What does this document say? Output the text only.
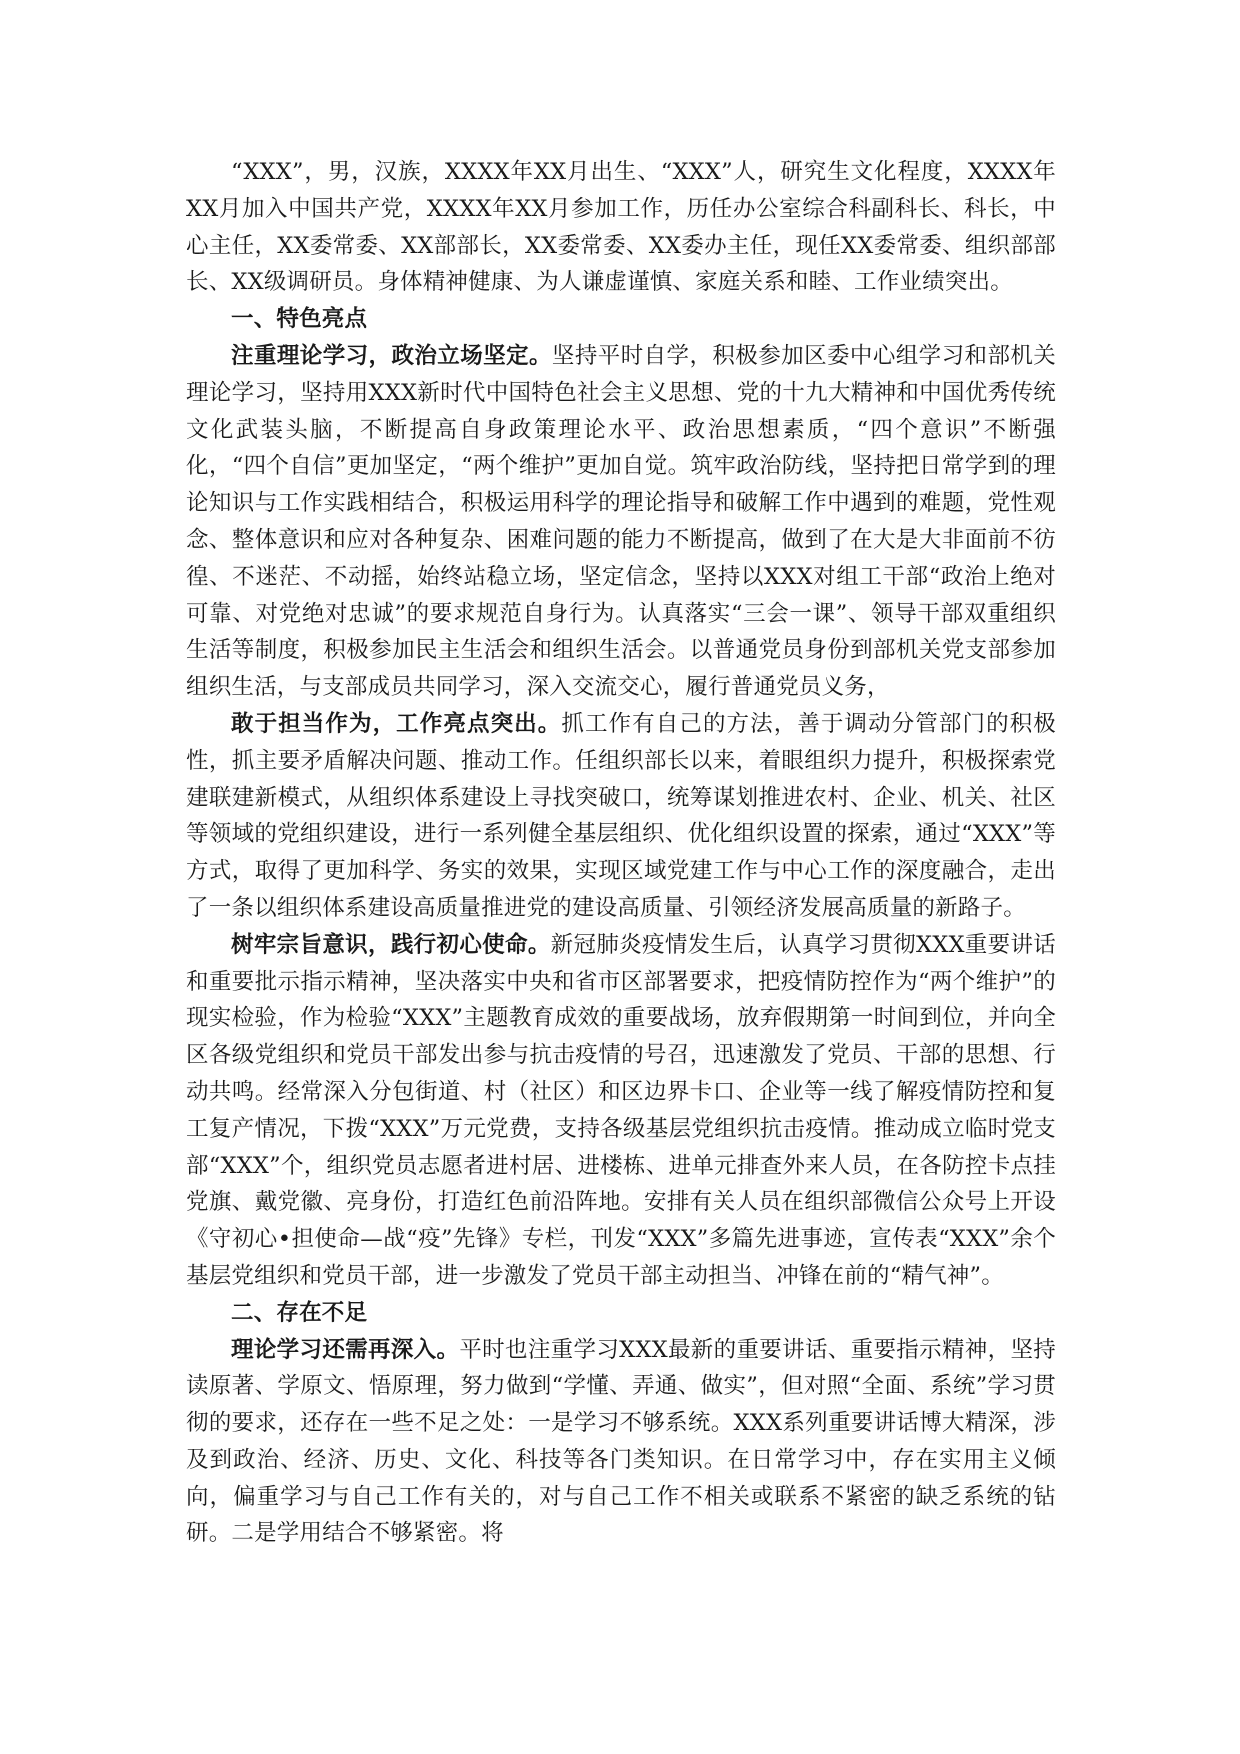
“XXX”，男，汉族，XXXX年XX月出生、“XXX”人，研究生文化程度，XXXX年XX月加入中国共产党，XXXX年XX月参加工作，历任办公室综合科副科长、科长，中心主任，XX委常委、XX部部长，XX委常委、XX委办主任，现任XX委常委、组织部部长、XX级调研员。身体精神健康、为人谦虚谨慎、家庭关系和睦、工作业绩突出。

一、特色亮点

注重理论学习，政治立场坚定。坚持平时自学，积极参加区委中心组学习和部机关理论学习，坚持用XXX新时代中国特色社会主义思想、党的十九大精神和中国优秀传统文化武装头脑，不断提高自身政策理论水平、政治思想素质，“四个意识”不断强化，“四个自信”更加坚定，“两个维护”更加自觉。筑牢政治防线，坚持把日常学到的理论知识与工作实践相结合，积极运用科学的理论指导和破解工作中遇到的难题，党性观念、整体意识和应对各种复杂、困难问题的能力不断提高，做到了在大是大非面前不彷徨、不迷茫、不动摇，始终站稳立场，坚定信念，坚持以XXX对组工干部“政治上绝对可靠、对党绝对忠诚”的要求规范自身行为。认真落实“三会一课”、领导干部双重组织生活等制度，积极参加民主生活会和组织生活会。以普通党员身份到部机关党支部参加组织生活，与支部成员共同学习，深入交流交心，履行普通党员义务，

敢于担当作为，工作亮点突出。抓工作有自己的方法，善于调动分管部门的积极性，抓主要矛盾解决问题、推动工作。任组织部长以来，着眼组织力提升，积极探索党建联建新模式，从组织体系建设上寻找突破口，统筹谋划推进农村、企业、机关、社区等领域的党组织建设，进行一系列健全基层组织、优化组织设置的探索，通过“XXX”等方式，取得了更加科学、务实的效果，实现区域党建工作与中心工作的深度融合，走出了一条以组织体系建设高质量推进党的建设高质量、引领经济发展高质量的新路子。

树牢宗旨意识，践行初心使命。新冠肺炎疫情发生后，认真学习贯彻XXX重要讲话和重要批示指示精神，坚决落实中央和省市区部署要求，把疫情防控作为“两个维护”的现实检验，作为检验“XXX”主题教育成效的重要战场，放弃假期第一时间到位，并向全区各级党组织和党员干部发出参与抗击疫情的号召，迅速激发了党员、干部的思想、行动共鸣。经常深入分包街道、村（社区）和区边界卡口、企业等一线了解疫情防控和复工复产情况，下拨“XXX”万元党费，支持各级基层党组织抗击疫情。推动成立临时党支部“XXX”个，组织党员志愿者进村居、进楼栋、进单元排查外来人员，在各防控卡点挂党旗、戴党徽、亮身份，打造红色前沿阵地。安排有关人员在组织部微信公众号上开设《守初心•担使命—战“疫”先锋》专栏，刊发“XXX”多篇先进事迹，宣传表“XXX”余个基层党组织和党员干部，进一步激发了党员干部主动担当、冲锋在前的“精气神”。

二、存在不足

理论学习还需再深入。平时也注重学习XXX最新的重要讲话、重要指示精神，坚持读原著、学原文、悟原理，努力做到“学懂、弄通、做实”，但对照“全面、系统”学习贯彻的要求，还存在一些不足之处：一是学习不够系统。XXX系列重要讲话博大精深，涉及到政治、经济、历史、文化、科技等各门类知识。在日常学习中，存在实用主义倾向，偏重学习与自己工作有关的，对与自己工作不相关或联系不紧密的缺乏系统的钻研。二是学用结合不够紧密。将
